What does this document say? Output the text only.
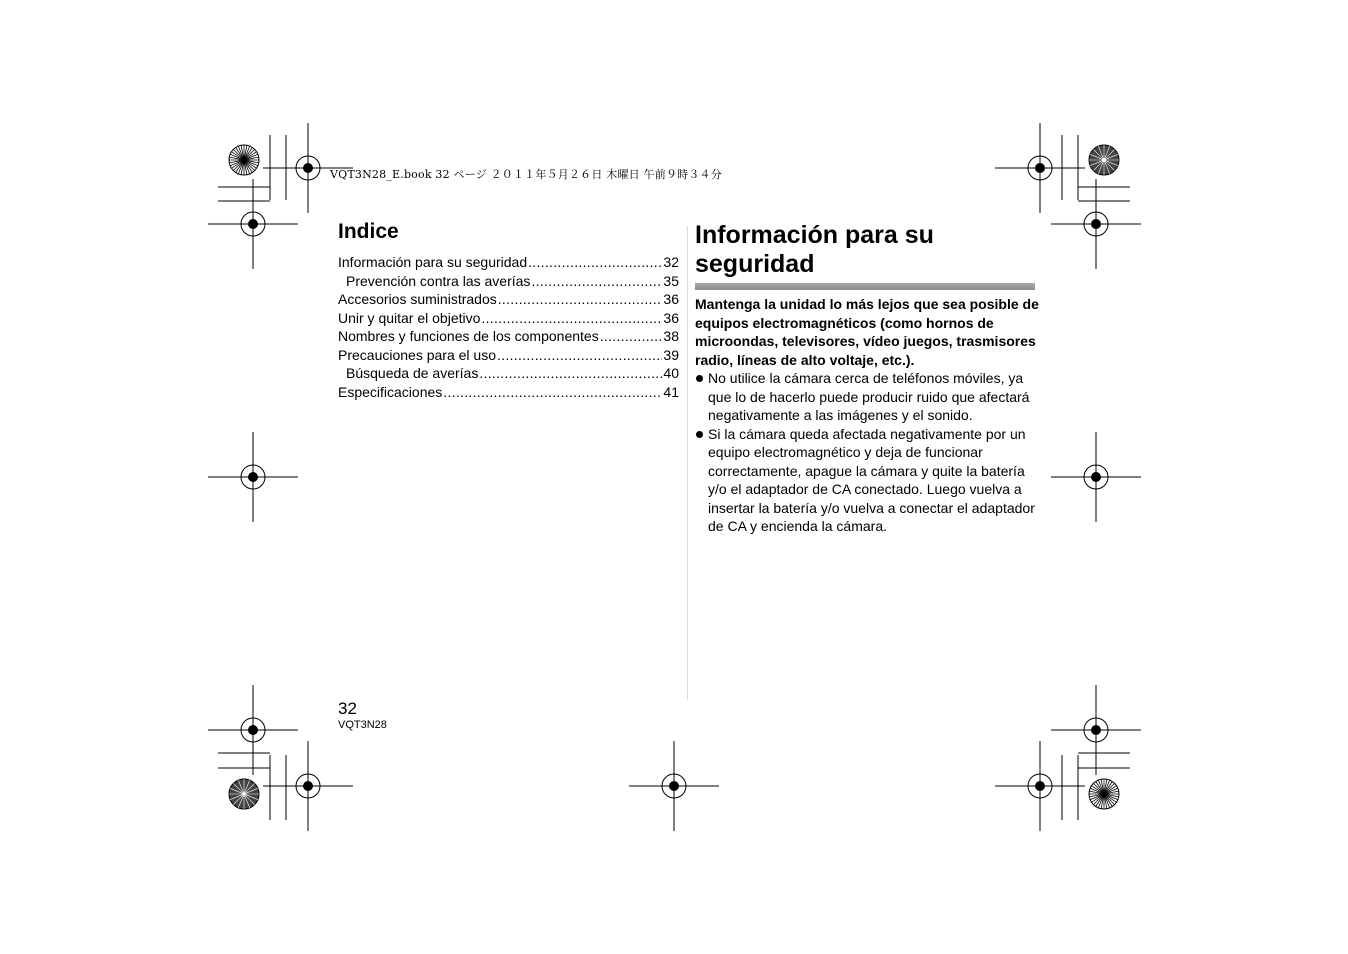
VQT3N28_E.book 32 ページ ２０１１年５月２６日 木曜日 午前９時３４分
Indice
Información para su seguridad .....	32
Prevención contra las averías .....	35
Accesorios suministrados .....	36
Unir y quitar el objetivo .....	36
Nombres y funciones de los componentes .....	38
Precauciones para el uso .....	39
Búsqueda de averías .....	40
Especificaciones .....	41
Información para su seguridad

Mantenga la unidad lo más lejos que sea posible de equipos electromagnéticos (como hornos de microondas, televisores, vídeo juegos, trasmisores radio, líneas de alto voltaje, etc.).

No utilice la cámara cerca de teléfonos móviles, ya que lo de hacerlo puede producir ruido que afectará negativamente a las imágenes y el sonido.
Si la cámara queda afectada negativamente por un equipo electromagnético y deja de funcionar correctamente, apague la cámara y quite la batería y/o el adaptador de CA conectado. Luego vuelva a insertar la batería y/o vuelva a conectar el adaptador de CA y encienda la cámara.
32
VQT3N28
